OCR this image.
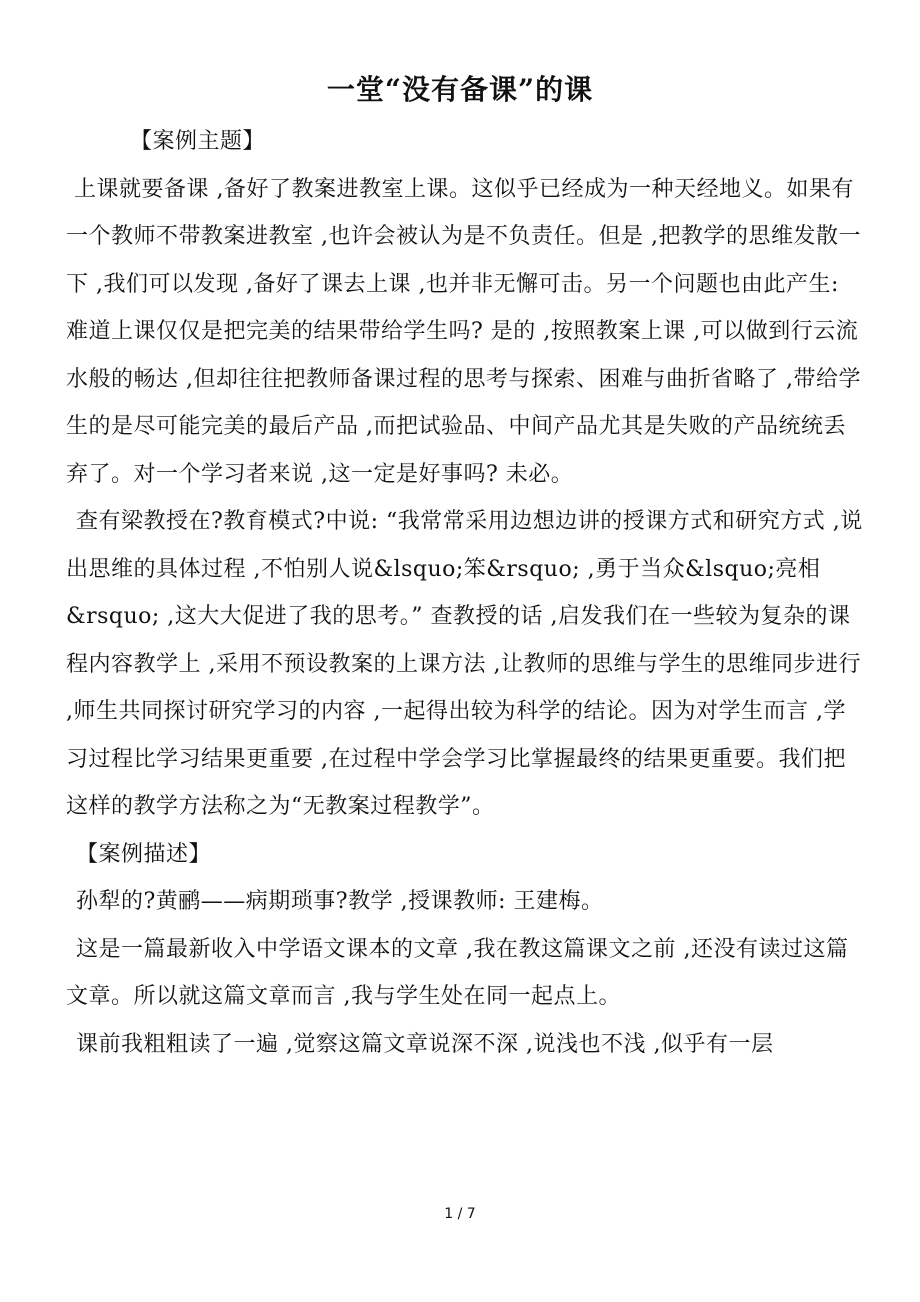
一堂“没有备课”的课

【案例主题】

上课就要备课 ,备好了教案进教室上课。这似乎已经成为一种天经地义。如果有一个教师不带教案进教室 ,也许会被认为是不负责任。但是 ,把教学的思维发散一下 ,我们可以发现 ,备好了课去上课 ,也并非无懈可击。另一个问题也由此产生: 难道上课仅仅是把完美的结果带给学生吗? 是的 ,按照教案上课 ,可以做到行云流水般的畅达 ,但却往往把教师备课过程的思考与探索、困难与曲折省略了 ,带给学生的是尽可能完美的最后产品 ,而把试验品、中间产品尤其是失败的产品统统丢弃了。对一个学习者来说 ,这一定是好事吗? 未必。

查有梁教授在?教育模式?中说: “我常常采用边想边讲的授课方式和研究方式 ,说出思维的具体过程 ,不怕别人说&lsquo;笨&rsquo; ,勇于当众&lsquo;亮相&rsquo; ,这大大促进了我的思考。” 查教授的话 ,启发我们在一些较为复杂的课程内容教学上 ,采用不预设教案的上课方法 ,让教师的思维与学生的思维同步进行 ,师生共同探讨研究学习的内容 ,一起得出较为科学的结论。因为对学生而言 ,学习过程比学习结果更重要 ,在过程中学会学习比掌握最终的结果更重要。我们把这样的教学方法称之为“无教案过程教学”。

【案例描述】

孙犁的?黄鹂——病期琐事?教学 ,授课教师: 王建梅。

这是一篇最新收入中学语文课本的文章 ,我在教这篇课文之前 ,还没有读过这篇文章。所以就这篇文章而言 ,我与学生处在同一起点上。

课前我粗粗读了一遍 ,觉察这篇文章说深不深 ,说浅也不浅 ,似乎有一层

1 / 7
